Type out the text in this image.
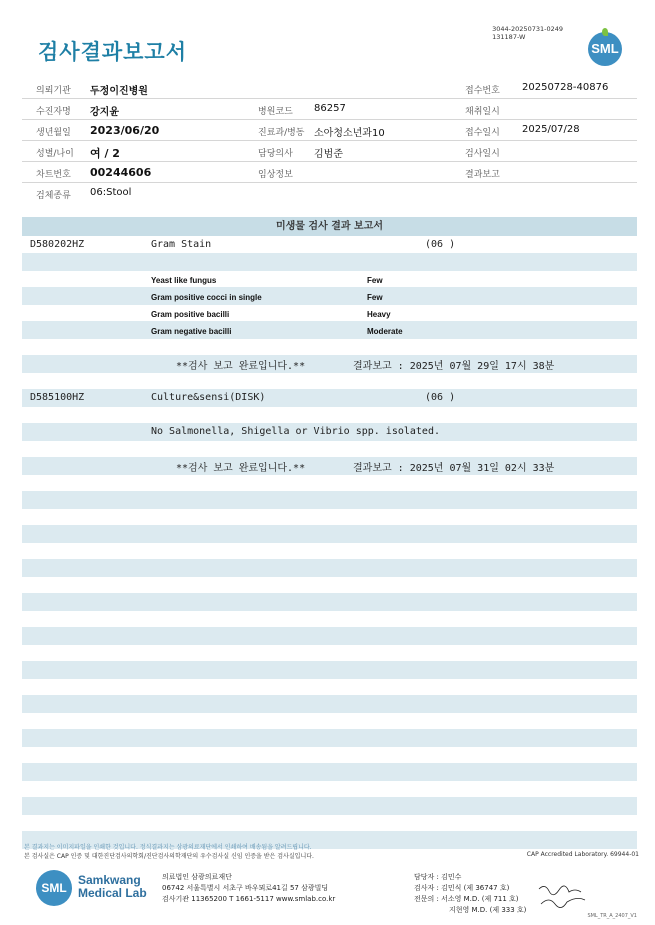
검사결과보고서
3044-20250731-0249
131187-W
SML
의뢰기관 두정이진병원	접수번호 20250728-40876
수진자명 강지윤	병원코드 86257	채취일시
생년월일 2023/06/20	진료과/병동 소아청소년과10	접수일시 2025/07/28
성별/나이 여 / 2	담당의사 김범준	검사일시
차트번호 00244606	임상정보	결과보고
검체종류 06:Stool
미생물 검사 결과 보고서
D580202HZ	Gram Stain	(06 )
Yeast like fungus	Few
Gram positive cocci in single	Few
Gram positive bacilli	Heavy
Gram negative bacilli	Moderate
**검사 보고 완료입니다.**	결과보고 : 2025년 07월 29일 17시 38분
D585100HZ	Culture&sensi(DISK)	(06 )
No Salmonella, Shigella or Vibrio spp. isolated.
**검사 보고 완료입니다.**	결과보고 : 2025년 07월 31일 02시 33분
본 결과지는 이미지파일을 인쇄한 것입니다. 정식결과지는 삼광의료재단에서 인쇄하여 배송됨을 알려드립니다.
본 검사실은 CAP 인증 및 대한진단검사의학회/진단검사의학재단의 우수검사실 신임 인증을 받은 검사실입니다.	CAP Accredited Laboratory. 69944-01
SML
Samkwang
Medical Lab
의료법인 삼광의료재단
06742 서울특별시 서초구 바우뫼로41길 57 삼광빌딩
검사기관 11365200 T 1661-5117 www.smlab.co.kr
담당자 : 김민수
검사자 : 김민식 (제 36747 호)
전문의 : 서소영 M.D. (제 711 호)
지현영 M.D. (제 333 호)
SML_TR_A_2407_V1
